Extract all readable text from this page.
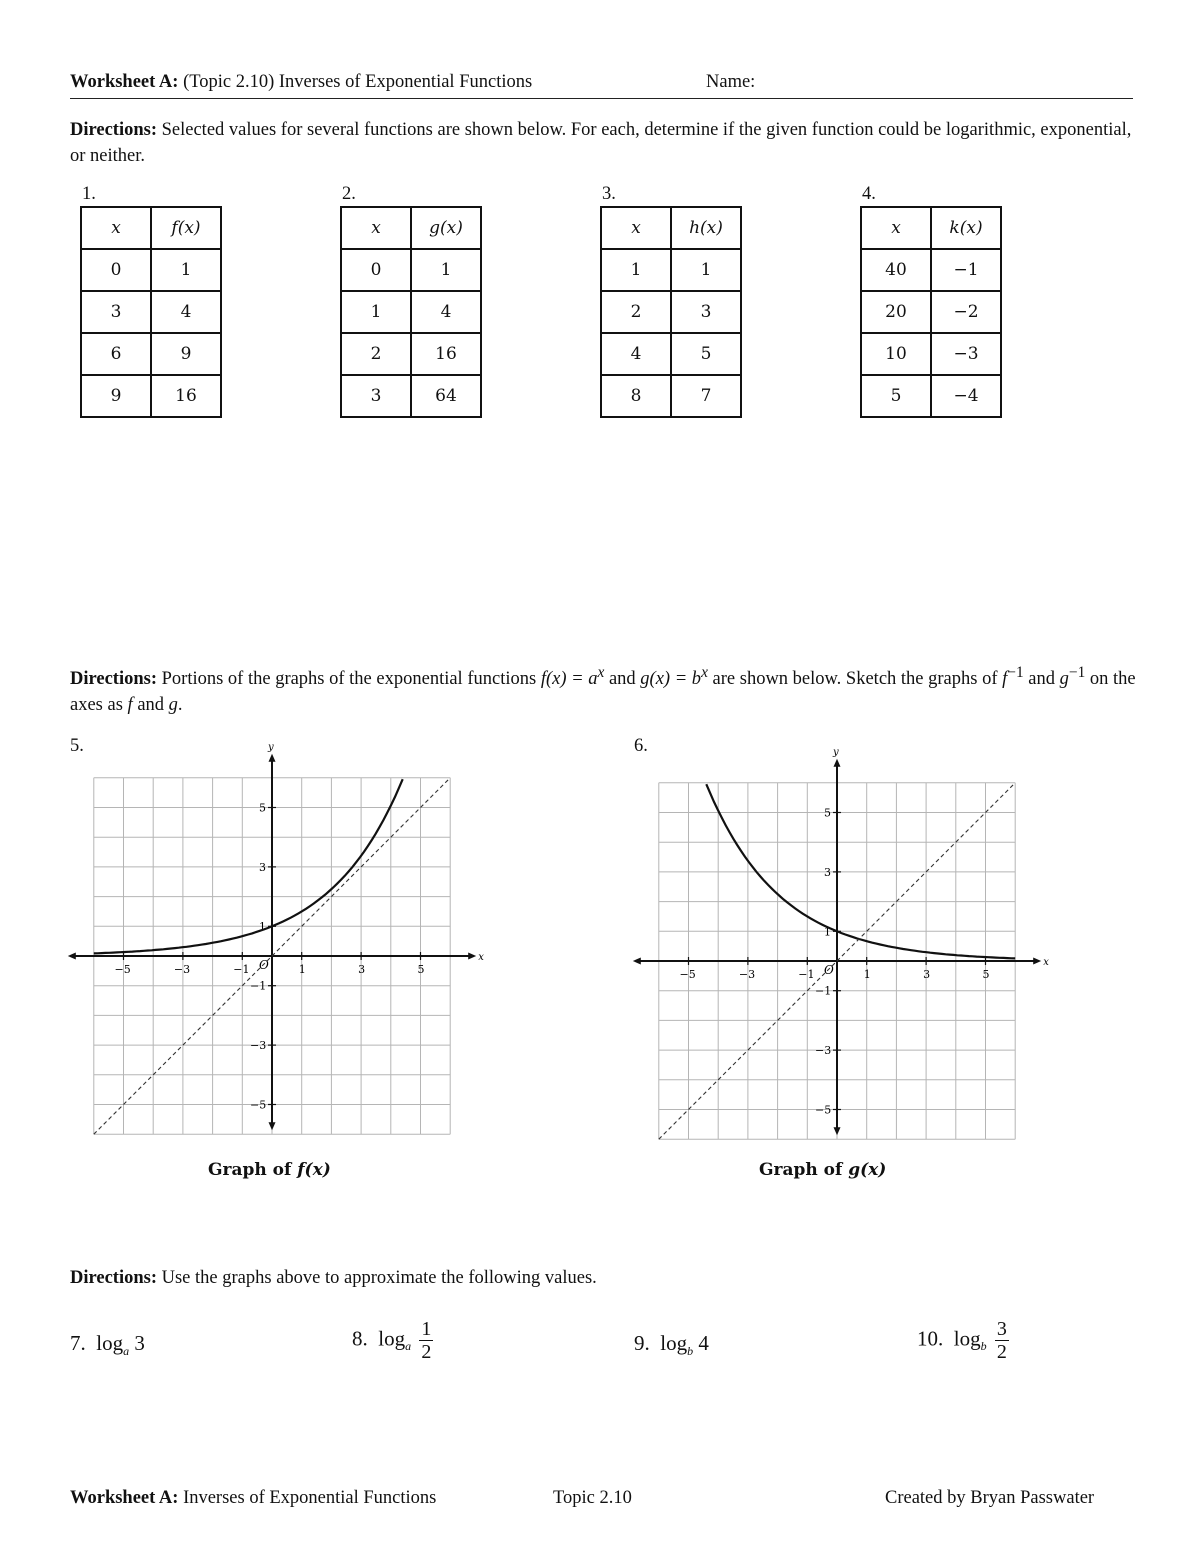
Worksheet A: (Topic 2.10) Inverses of Exponential Functions	Name:
Directions: Selected values for several functions are shown below. For each, determine if the given function could be logarithmic, exponential, or neither.
1.
x	f(x)
0	1
3	4
6	9
9	16
2.
x	g(x)
0	1
1	4
2	16
3	64
3.
x	h(x)
1	1
2	3
4	5
8	7
4.
x	k(x)
40	−1
20	−2
10	−3
5	−4
Directions: Portions of the graphs of the exponential functions $f(x) = a^x$ and $g(x) = b^x$ are shown below. Sketch the graphs of $f^{-1}$ and $g^{-1}$ on the axes as f and g.
5.	6.
x
y
−5	−3	−1	1	3	5
5
3
1
−1
−3
−5
O	x
y
−5	−3	−1	1	3	5
5
3
1
−1
−3
−5
O
Graph of f(x)	Graph of g(x)
Directions: Use the graphs above to approximate the following values.
7. $\log_a 3$	8. $\log_a \frac{1}{2}$	9. $\log_b 4$	10. $\log_b \frac{3}{2}$
Worksheet A: Inverses of Exponential Functions	Topic 2.10	Created by Bryan Passwater
